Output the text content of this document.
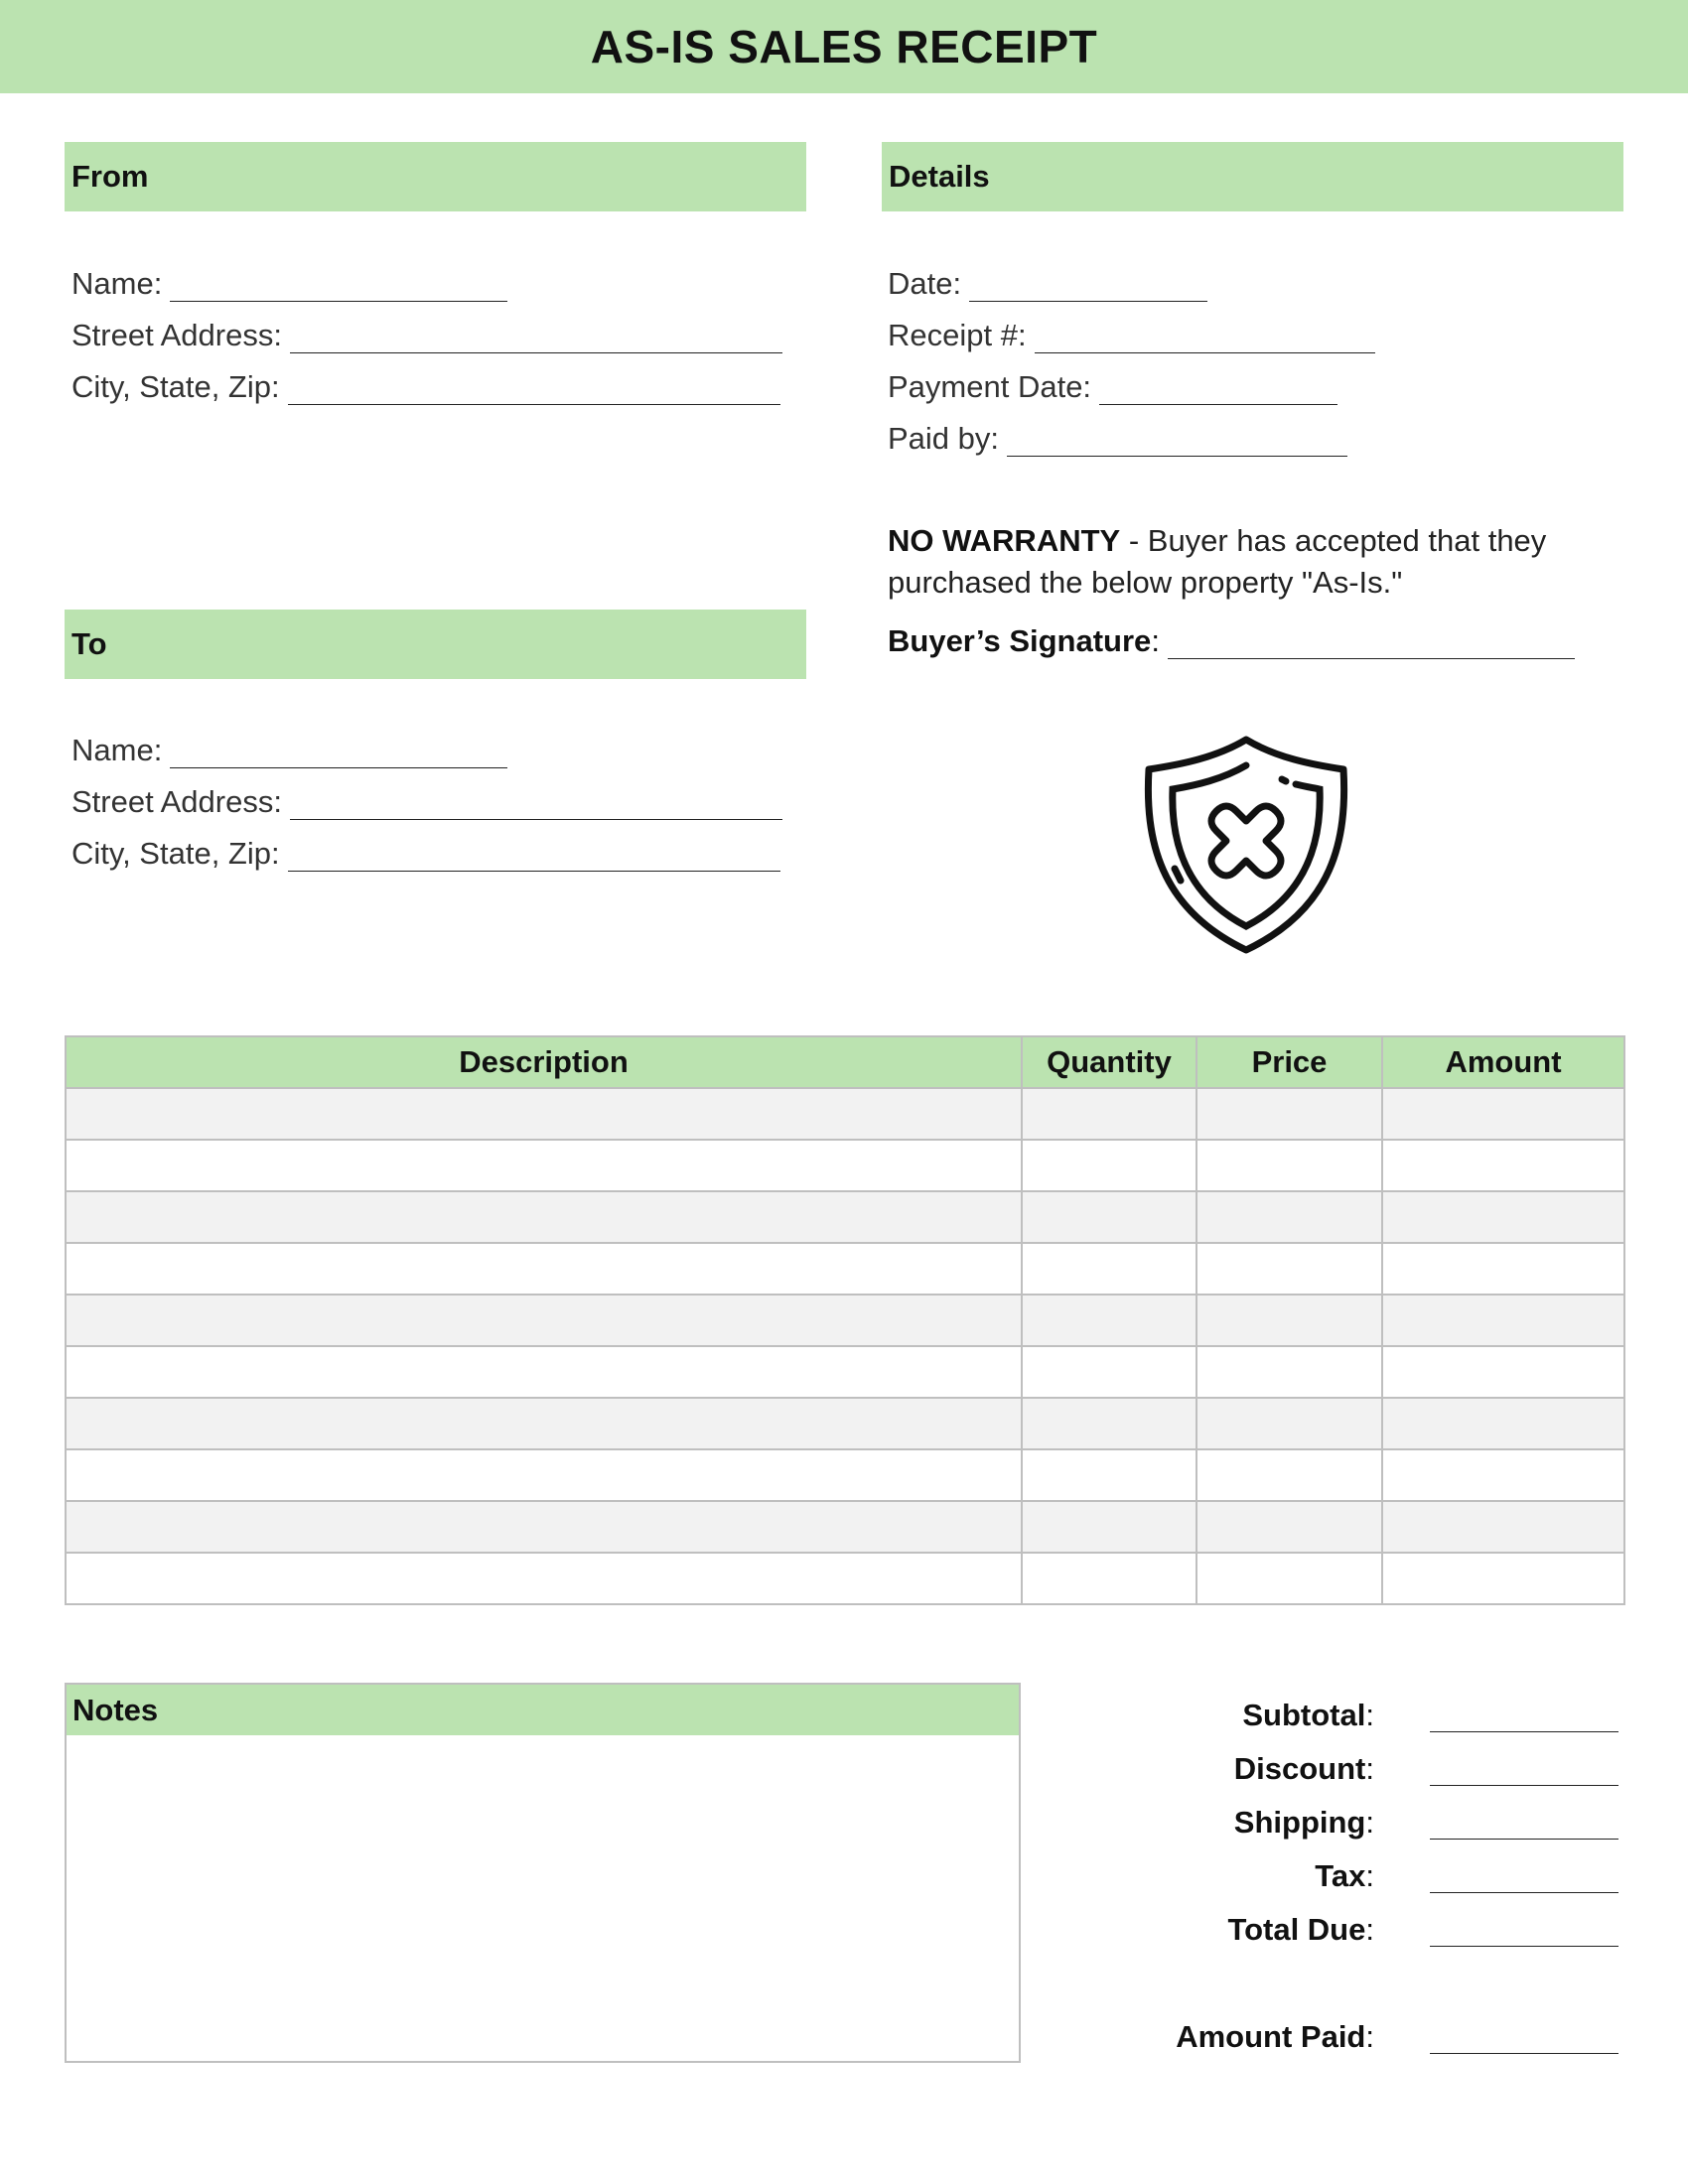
AS-IS SALES RECEIPT
From
Name:
Street Address:
City, State, Zip:
Details
Date:
Receipt #:
Payment Date:
Paid by:
NO WARRANTY - Buyer has accepted that they purchased the below property "As-Is."
Buyer’s Signature :
To
Name:
Street Address:
City, State, Zip:
Description	Quantity	Price	Amount

Notes	Subtotal:
Discount:
Shipping:
Tax:
Total Due:
Amount Paid:
